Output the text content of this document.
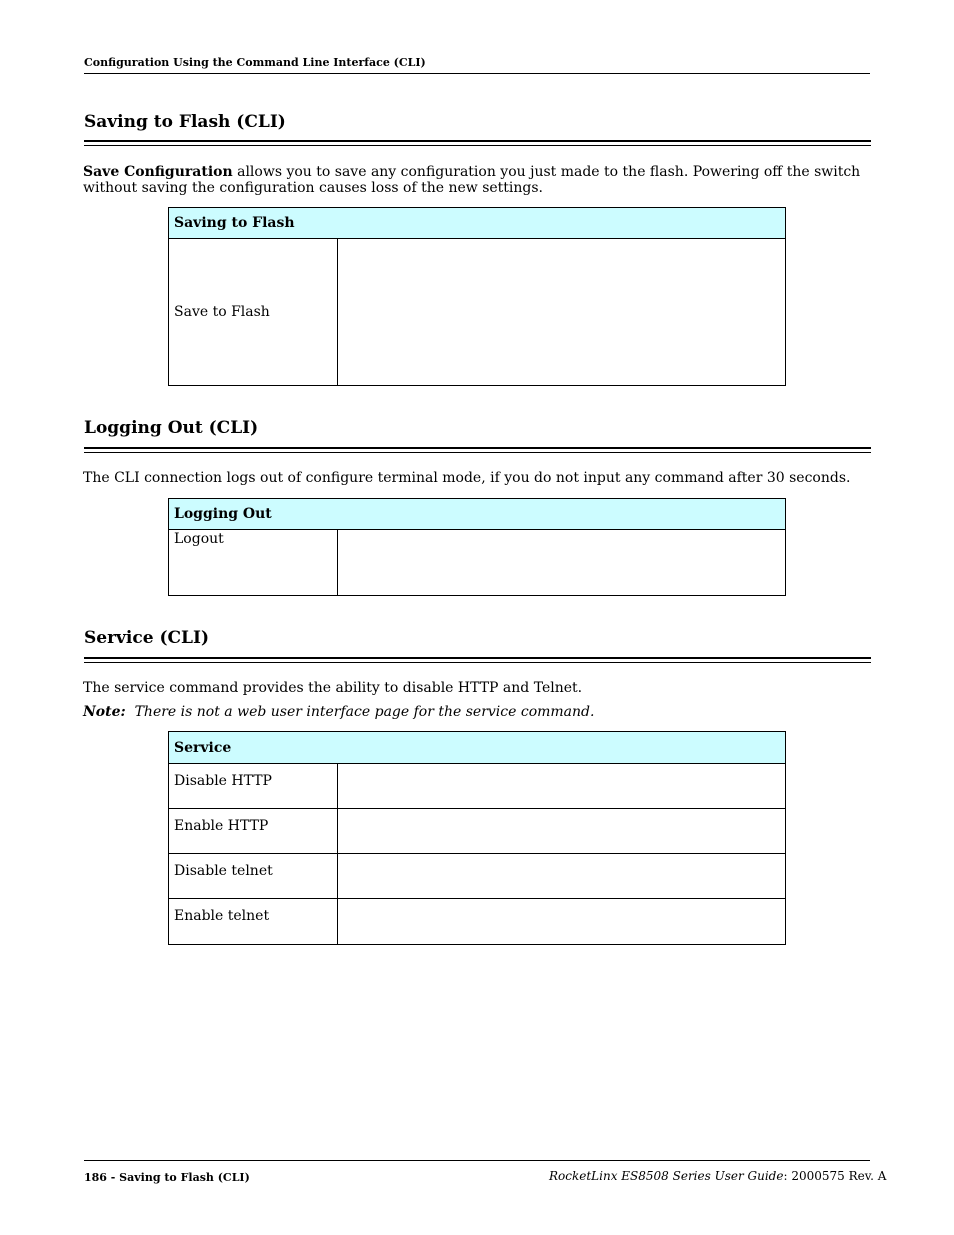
Configuration Using the Command Line Interface (CLI)
Saving to Flash (CLI)
Save Configuration allows you to save any configuration you just made to the flash. Powering off the switch without saving the configuration causes loss of the new settings.
Saving to Flash
Save to Flash	
Logging Out (CLI)
The CLI connection logs out of configure terminal mode, if you do not input any command after 30 seconds.
Logging Out
Logout	
Service (CLI)
The service command provides the ability to disable HTTP and Telnet.
Note: There is not a web user interface page for the service command.
Service	
Disable HTTP	
Enable HTTP	
Disable telnet	
Enable telnet	
186 - Saving to Flash (CLI)	RocketLinx ES8508 Series User Guide: 2000575 Rev. A
